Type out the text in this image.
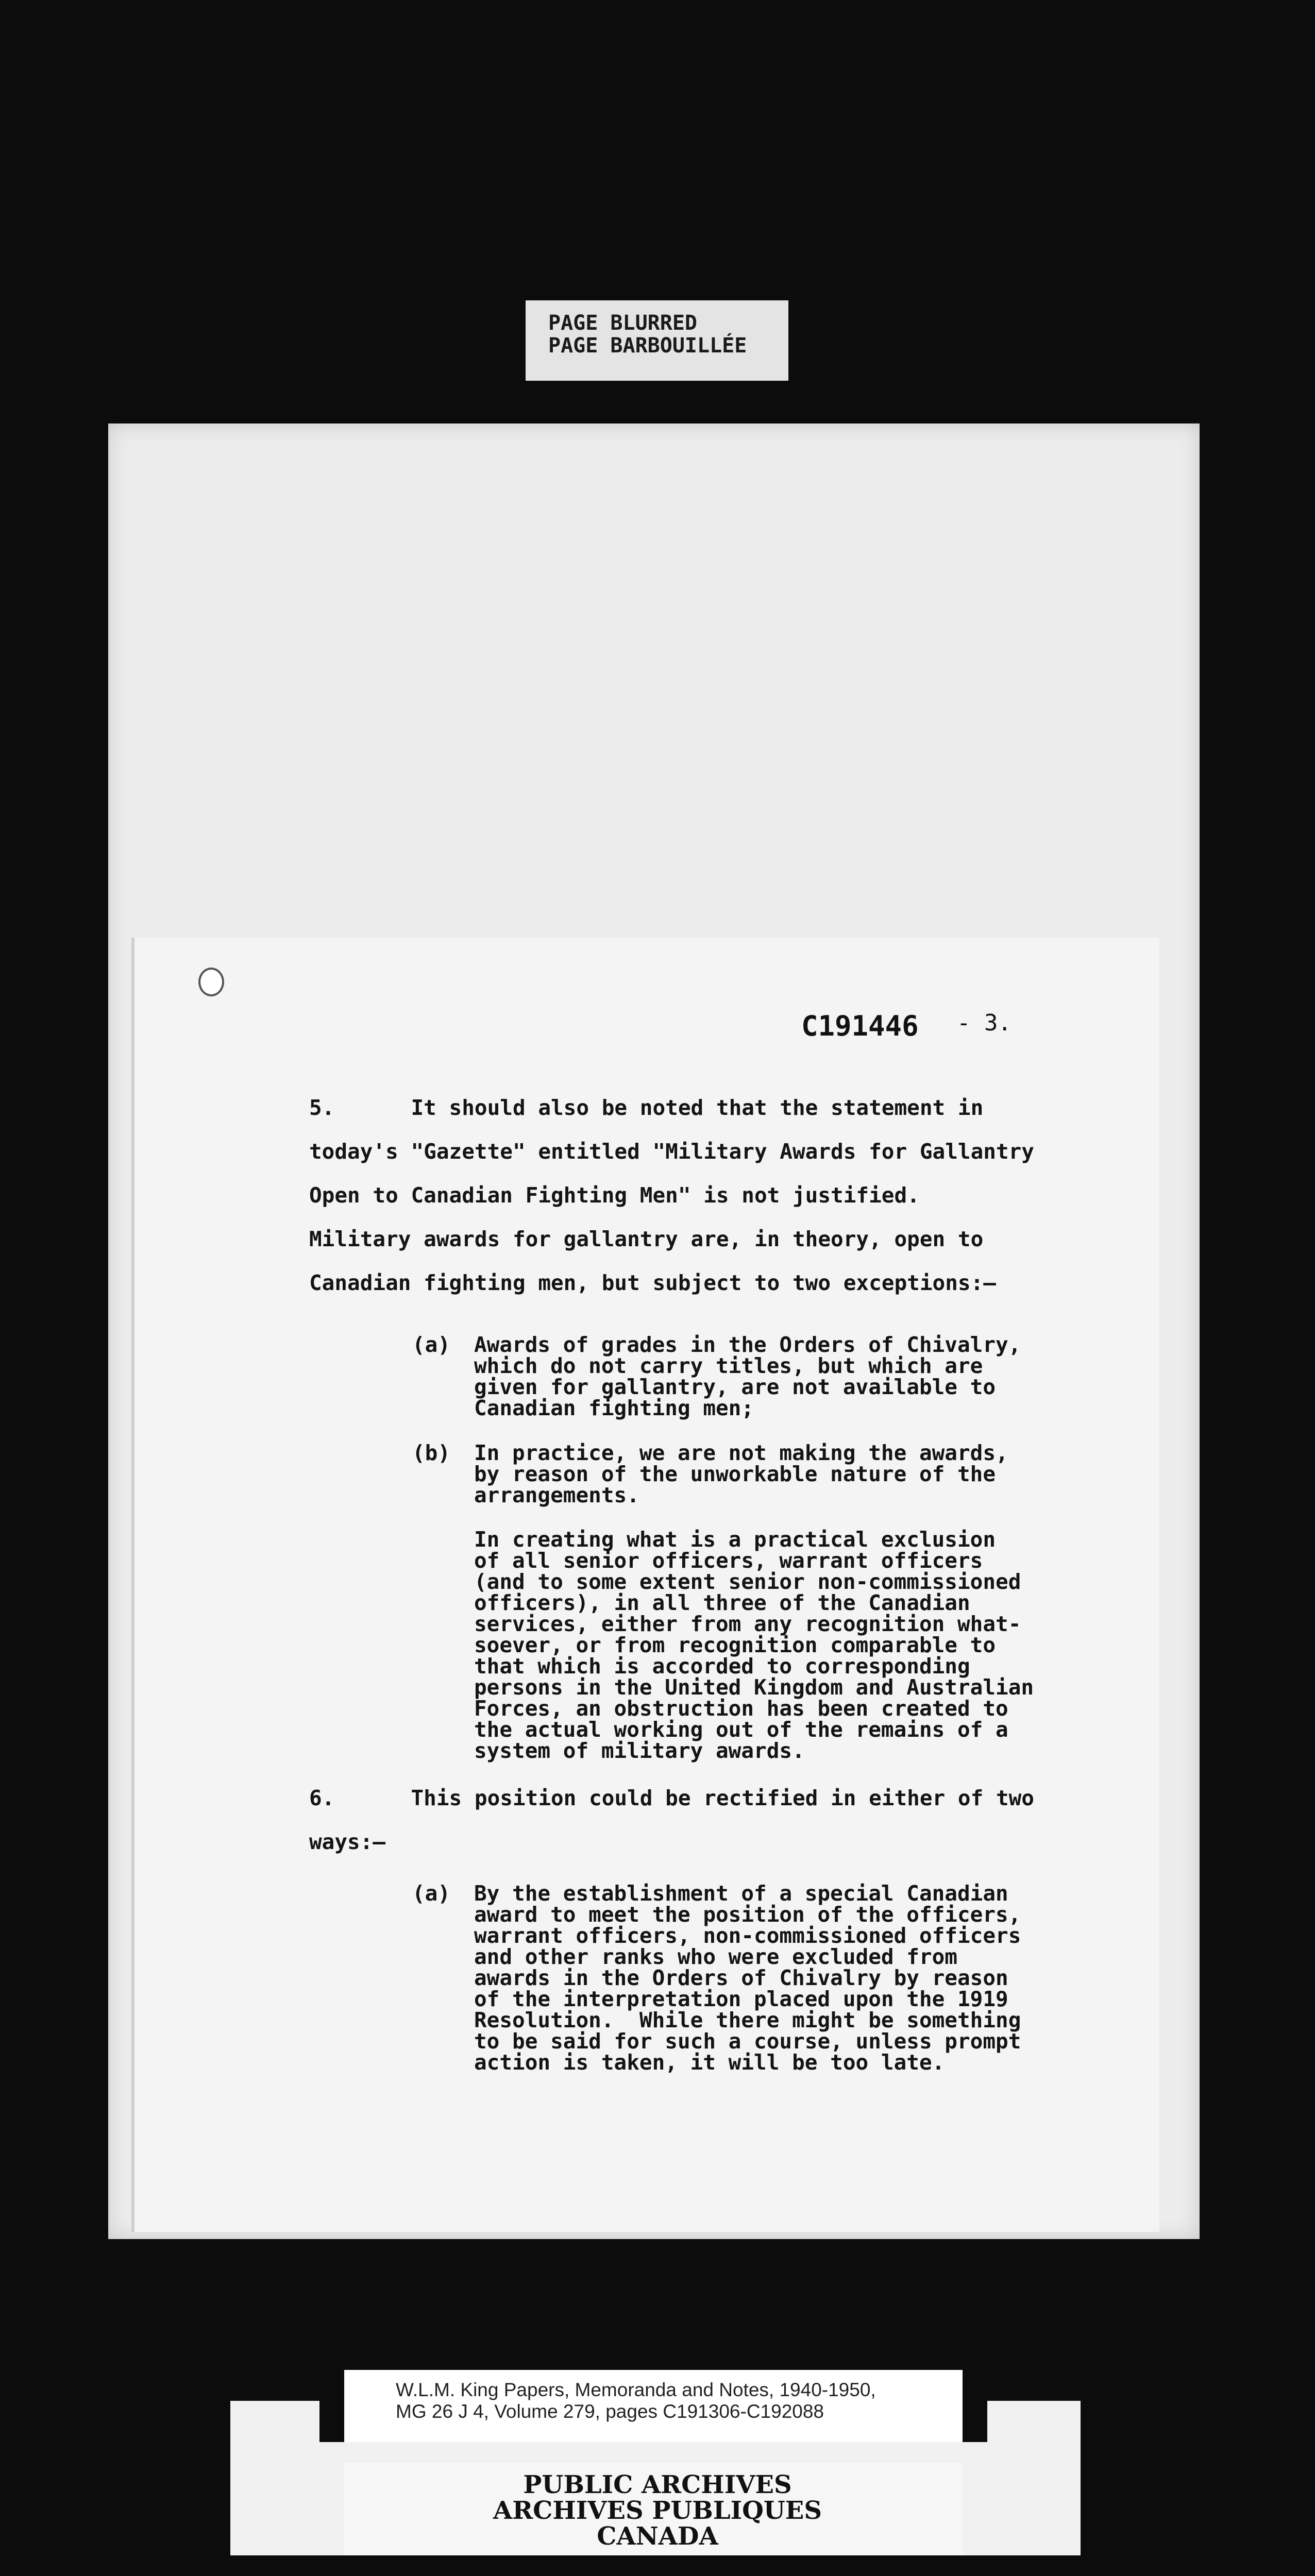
PAGE BLURRED
PAGE BARBOUILLÉE
C191446 - 3.
5.      It should also be noted that the statement in
today's "Gazette" entitled "Military Awards for Gallantry
Open to Canadian Fighting Men" is not justified.
Military awards for gallantry are, in theory, open to
Canadian fighting men, but subject to two exceptions:—
(a) Awards of grades in the Orders of Chivalry,
which do not carry titles, but which are
given for gallantry, are not available to
Canadian fighting men;
(b) In practice, we are not making the awards,
by reason of the unworkable nature of the
arrangements.
In creating what is a practical exclusion
of all senior officers, warrant officers
(and to some extent senior non-commissioned
officers), in all three of the Canadian
services, either from any recognition what-
soever, or from recognition comparable to
that which is accorded to corresponding
persons in the United Kingdom and Australian
Forces, an obstruction has been created to
the actual working out of the remains of a
system of military awards.
6.      This position could be rectified in either of two
ways:—
(a) By the establishment of a special Canadian
award to meet the position of the officers,
warrant officers, non-commissioned officers
and other ranks who were excluded from
awards in the Orders of Chivalry by reason
of the interpretation placed upon the 1919
Resolution.  While there might be something
to be said for such a course, unless prompt
action is taken, it will be too late.
W.L.M. King Papers, Memoranda and Notes, 1940-1950,
MG 26 J 4, Volume 279, pages C191306-C192088
PUBLIC ARCHIVES
ARCHIVES PUBLIQUES
CANADA
